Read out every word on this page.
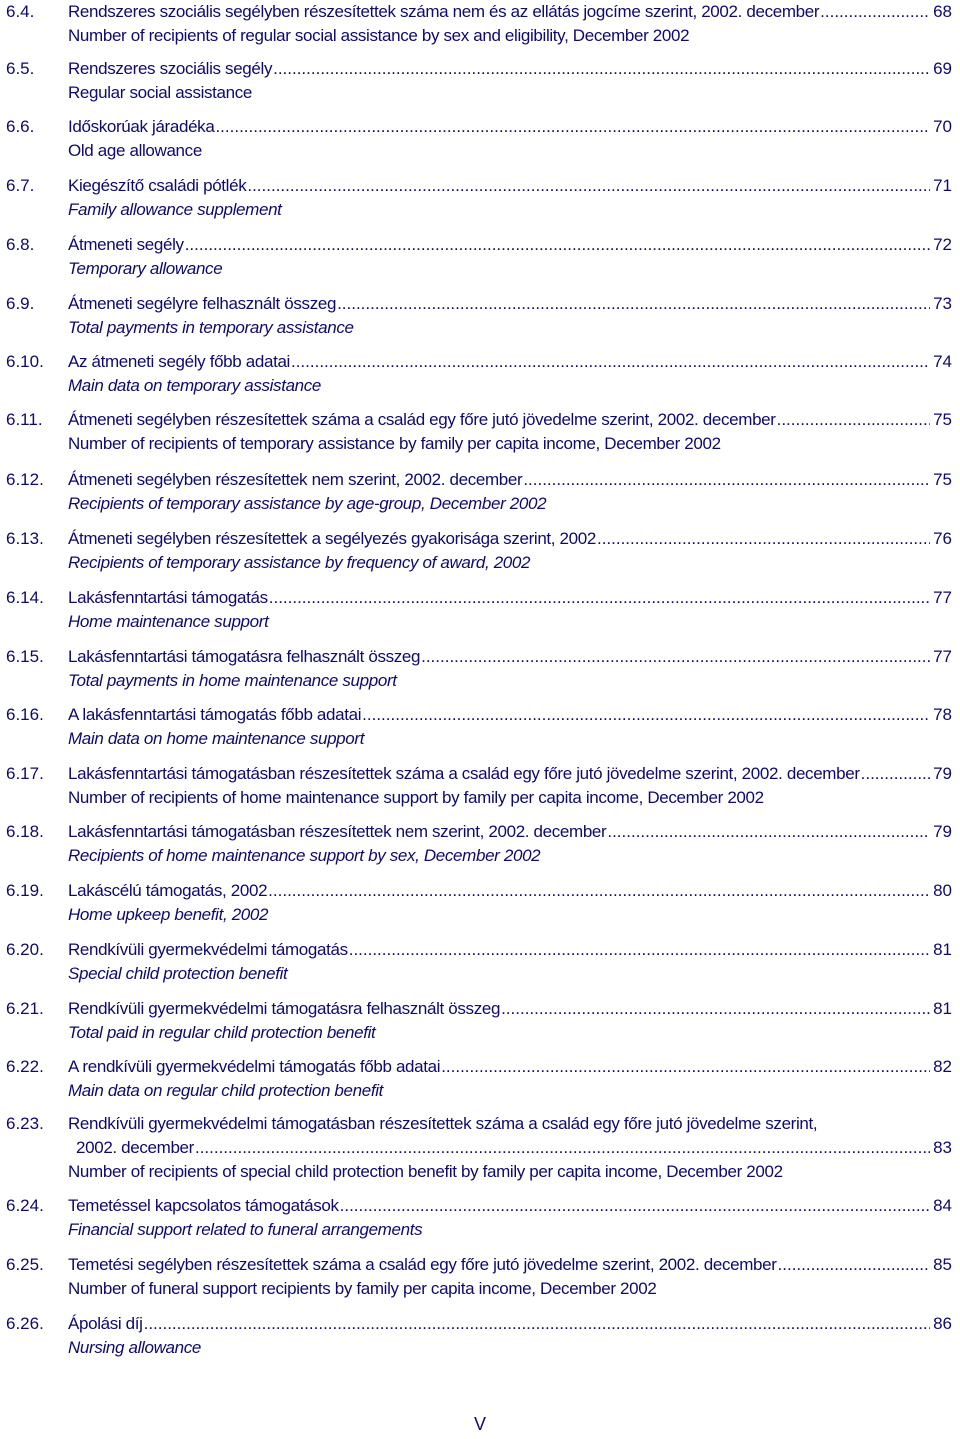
6.4.	Rendszeres szociális segélyben részesítettek száma nem és az ellátás jogcíme szerint, 2002. december .....	68
Number of recipients of regular social assistance by sex and eligibility, December 2002
6.5.	Rendszeres szociális segély .....	69
Regular social assistance
6.6.	Időskorúak járadéka .....	70
Old age allowance
6.7.	Kiegészítő családi pótlék .....	71
Family allowance supplement
6.8.	Átmeneti segély .....	72
Temporary allowance
6.9.	Átmeneti segélyre felhasznált összeg .....	73
Total payments in temporary assistance
6.10.	Az átmeneti segély főbb adatai .....	74
Main data on temporary assistance
6.11.	Átmeneti segélyben részesítettek száma a család egy főre jutó jövedelme szerint, 2002. december .....	75
Number of recipients of temporary assistance by family per capita income, December 2002
6.12.	Átmeneti segélyben részesítettek nem szerint, 2002. december .....	75
Recipients of temporary assistance by age-group, December 2002
6.13.	Átmeneti segélyben részesítettek a segélyezés gyakorisága szerint, 2002 .....	76
Recipients of temporary assistance by frequency of award, 2002
6.14.	Lakásfenntartási támogatás .....	77
Home maintenance support
6.15.	Lakásfenntartási támogatásra felhasznált összeg .....	77
Total payments in home maintenance support
6.16.	A lakásfenntartási támogatás főbb adatai .....	78
Main data on home maintenance support
6.17.	Lakásfenntartási támogatásban részesítettek száma a család egy főre jutó jövedelme szerint, 2002. december .....	79
Number of recipients of home maintenance support by family per capita income, December 2002
6.18.	Lakásfenntartási támogatásban részesítettek nem szerint, 2002. december .....	79
Recipients of home maintenance support by sex, December 2002
6.19.	Lakáscélú támogatás, 2002 .....	80
Home upkeep benefit, 2002
6.20.	Rendkívüli gyermekvédelmi támogatás .....	81
Special child protection benefit
6.21.	Rendkívüli gyermekvédelmi támogatásra felhasznált összeg .....	81
Total paid in regular child protection benefit
6.22.	A rendkívüli gyermekvédelmi támogatás főbb adatai .....	82
Main data on regular child protection benefit
6.23.	Rendkívüli gyermekvédelmi támogatásban részesítettek száma a család egy főre jutó jövedelme szerint,
2002. december .....	83
Number of recipients of special child protection benefit by family per capita income, December 2002
6.24.	Temetéssel kapcsolatos támogatások .....	84
Financial support related to funeral arrangements
6.25.	Temetési segélyben részesítettek száma a család egy főre jutó jövedelme szerint, 2002. december .....	85
Number of funeral support recipients by family per capita income, December 2002
6.26.	Ápolási díj .....	86
Nursing allowance
V
